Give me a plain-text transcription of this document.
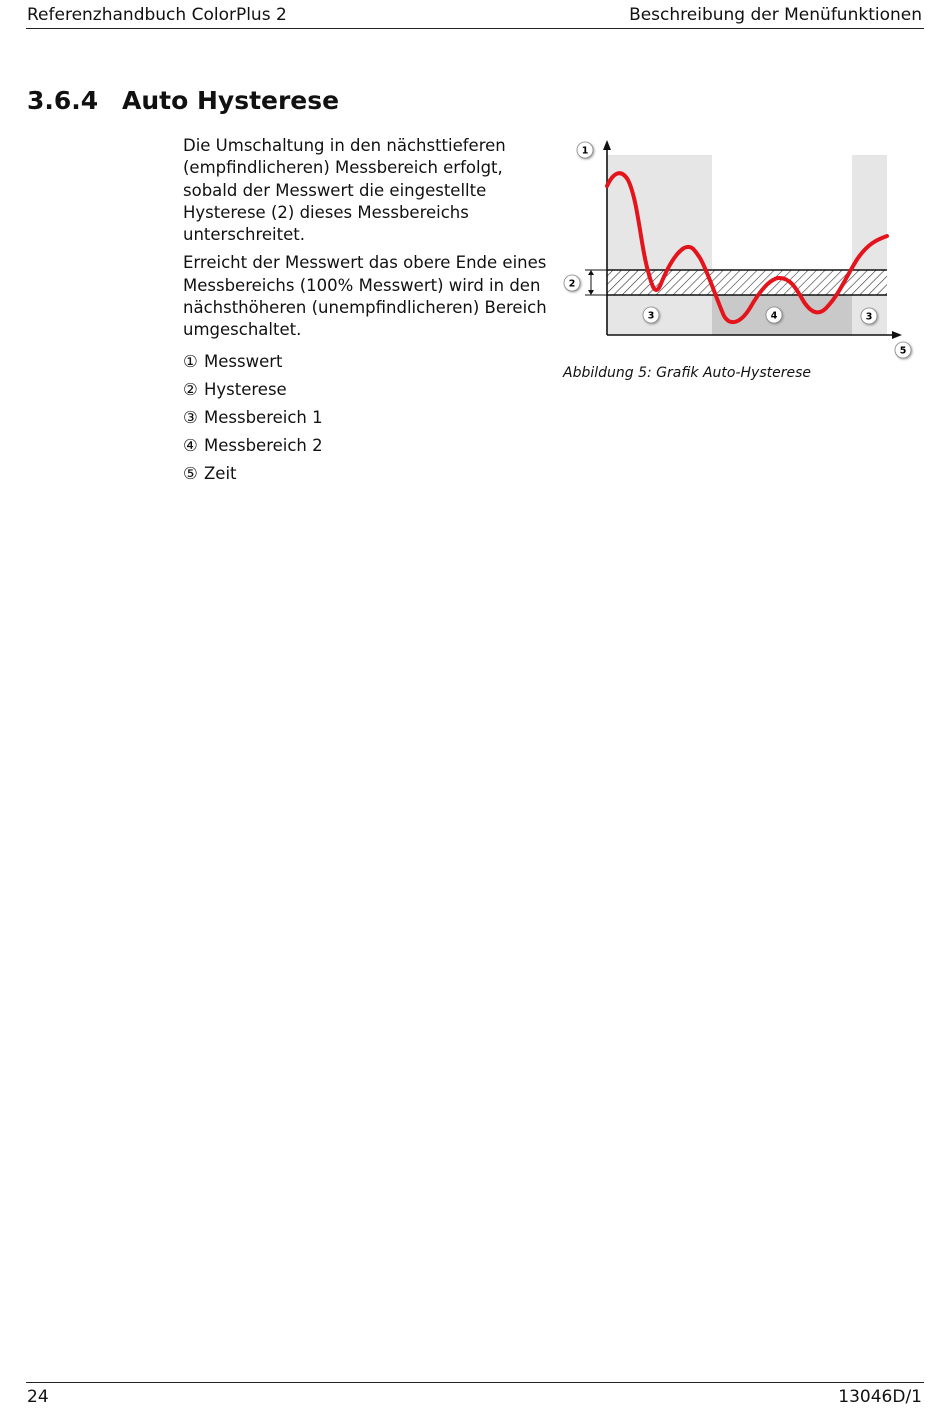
Referenzhandbuch ColorPlus 2	Beschreibung der Menüfunktionen
3.6.4 Auto Hysterese

Die Umschaltung in den nächsttieferen (empfindlicheren) Messbereich erfolgt, sobald der Messwert die eingestellte Hysterese (2) dieses Messbereichs unterschreitet.

Erreicht der Messwert das obere Ende eines Messbereichs (100% Messwert) wird in den nächsthöheren (unempfindlicheren) Bereich umgeschaltet.

① Messwert
② Hysterese
③ Messbereich 1
④ Messbereich 2
⑤ Zeit
1
2
3	4	3
5
Abbildung 5: Grafik Auto-Hysterese
24	13046D/1
